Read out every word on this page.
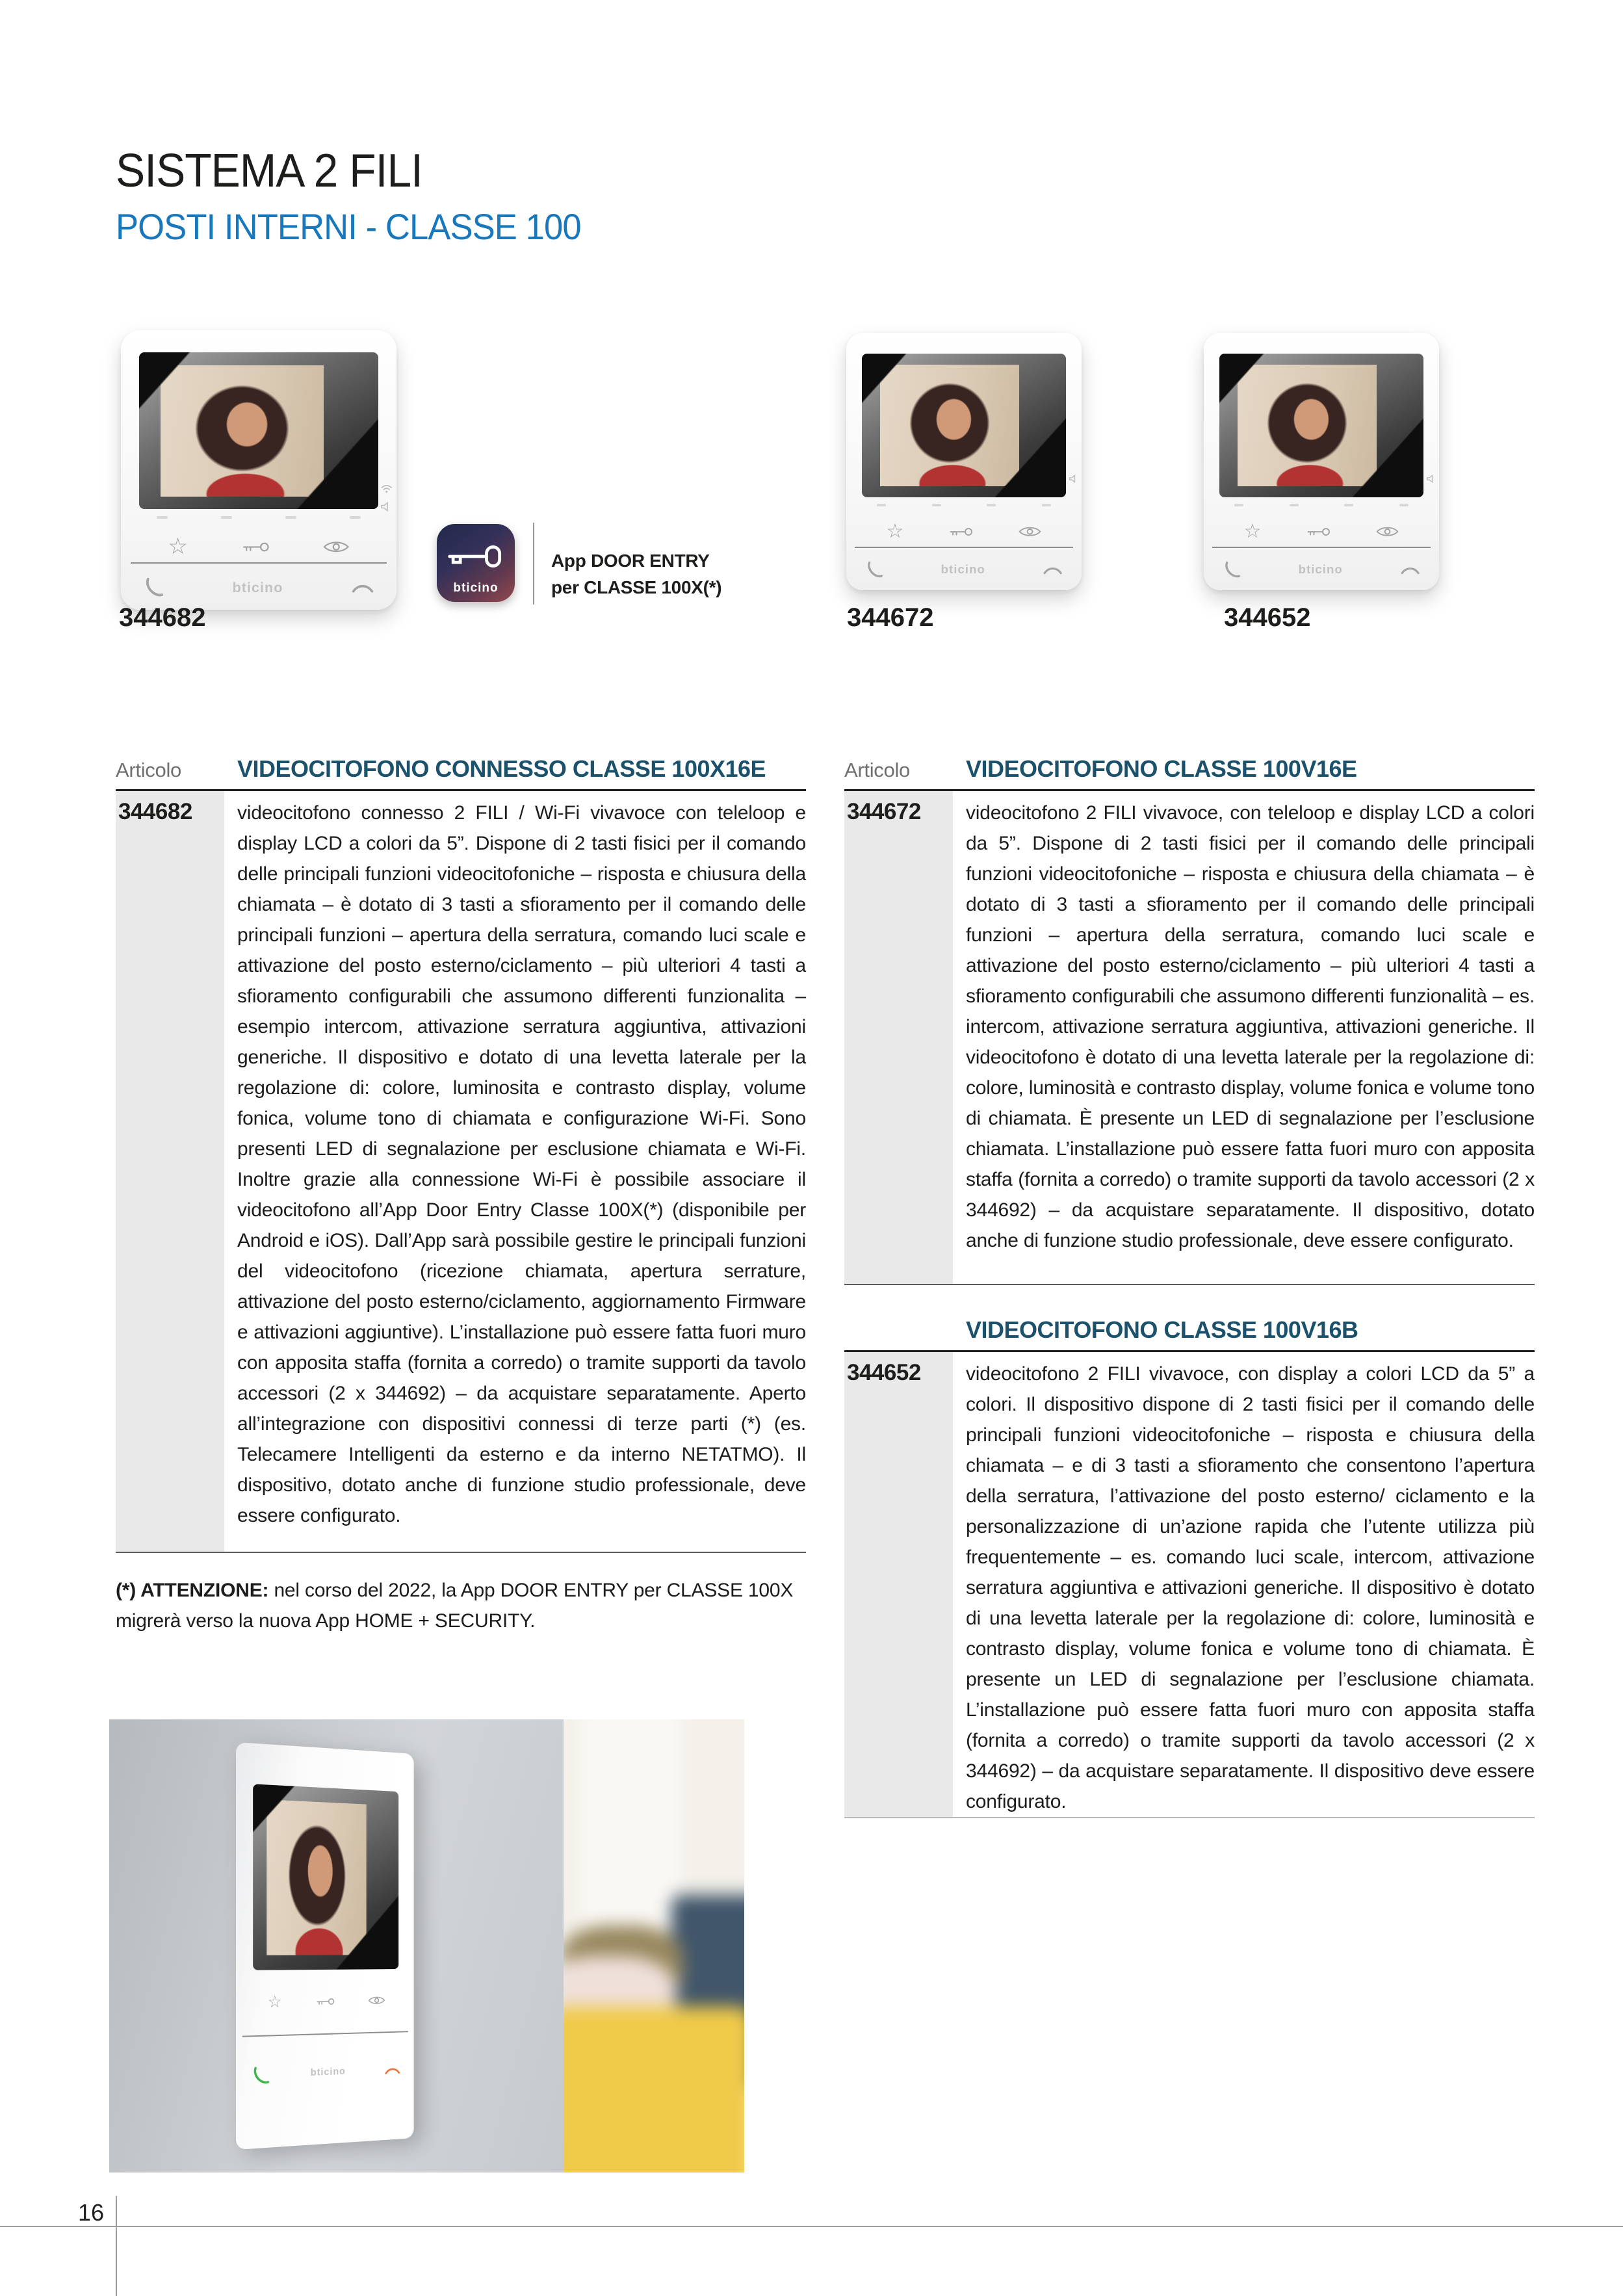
SISTEMA 2 FILI
POSTI INTERNI - CLASSE 100
☆
bticino
344682
bticino
App DOOR ENTRY
per CLASSE 100X(*)
☆
bticino
344672
☆
bticino
344652
Articolo	VIDEOCITOFONO CONNESSO CLASSE 100X16E
344682	videocitofono connesso 2 FILI / Wi-Fi vivavoce con teleloop e display LCD a colori da 5”. Dispone di 2 tasti fisici per il comando delle principali funzioni videocitofoniche – risposta e chiusura della chiamata – è dotato di 3 tasti a sfioramento per il comando delle principali funzioni – apertura della serratura, comando luci scale e attivazione del posto esterno/ciclamento – più ulteriori 4 tasti a sfioramento configurabili che assumono differenti funzionalita – esempio intercom, attivazione serratura aggiuntiva, attivazioni generiche. Il dispositivo e dotato di una levetta laterale per la regolazione di: colore, luminosita e contrasto display, volume fonica, volume tono di chiamata e configurazione Wi-Fi. Sono presenti LED di segnalazione per esclusione chiamata e Wi-Fi. Inoltre grazie alla connessione Wi-Fi è possibile associare il videocitofono all’App Door Entry Classe 100X(*) (disponibile per Android e iOS). Dall’App sarà possibile gestire le principali funzioni del videocitofono (ricezione chiamata, apertura serrature, attivazione del posto esterno/ciclamento, aggiornamento Firmware e attivazioni aggiuntive). L’installazione può essere fatta fuori muro con apposita staffa (fornita a corredo) o tramite supporti da tavolo accessori (2 x 344692) – da acquistare separatamente. Aperto all’integrazione con dispositivi connessi di terze parti (*) (es. Telecamere Intelligenti da esterno e da interno NETATMO). Il dispositivo, dotato anche di funzione studio professionale, deve essere configurato.
(*) ATTENZIONE: nel corso del 2022, la App DOOR ENTRY per CLASSE 100X migrerà verso la nuova App HOME + SECURITY.
Articolo	VIDEOCITOFONO CLASSE 100V16E
344672	videocitofono 2 FILI vivavoce, con teleloop e display LCD a colori da 5”. Dispone di 2 tasti fisici per il comando delle principali funzioni videocitofoniche – risposta e chiusura della chiamata – è dotato di 3 tasti a sfioramento per il comando delle principali funzioni – apertura della serratura, comando luci scale e attivazione del posto esterno/ciclamento – più ulteriori 4 tasti a sfioramento configurabili che assumono differenti funzionalità – es. intercom, attivazione serratura aggiuntiva, attivazioni generiche. Il videocitofono è dotato di una levetta laterale per la regolazione di: colore, luminosità e contrasto display, volume fonica e volume tono di chiamata. È presente un LED di segnalazione per l’esclusione chiamata. L’installazione può essere fatta fuori muro con apposita staffa (fornita a corredo) o tramite supporti da tavolo accessori (2 x 344692) – da acquistare separatamente. Il dispositivo, dotato anche di funzione studio professionale, deve essere configurato.
VIDEOCITOFONO CLASSE 100V16B
344652	videocitofono 2 FILI vivavoce, con display a colori LCD da 5” a colori. Il dispositivo dispone di 2 tasti fisici per il comando delle principali funzioni videocitofoniche – risposta e chiusura della chiamata – e di 3 tasti a sfioramento che consentono l’apertura della serratura, l’attivazione del posto esterno/ ciclamento e la personalizzazione di un’azione rapida che l’utente utilizza più frequentemente – es. comando luci scale, intercom, attivazione serratura aggiuntiva e attivazioni generiche. Il dispositivo è dotato di una levetta laterale per la regolazione di: colore, luminosità e contrasto display, volume fonica e volume tono di chiamata. È presente un LED di segnalazione per l’esclusione chiamata. L’installazione può essere fatta fuori muro con apposita staffa (fornita a corredo) o tramite supporti da tavolo accessori (2 x 344692) – da acquistare separatamente. Il dispositivo deve essere configurato.
☆
bticino
16
